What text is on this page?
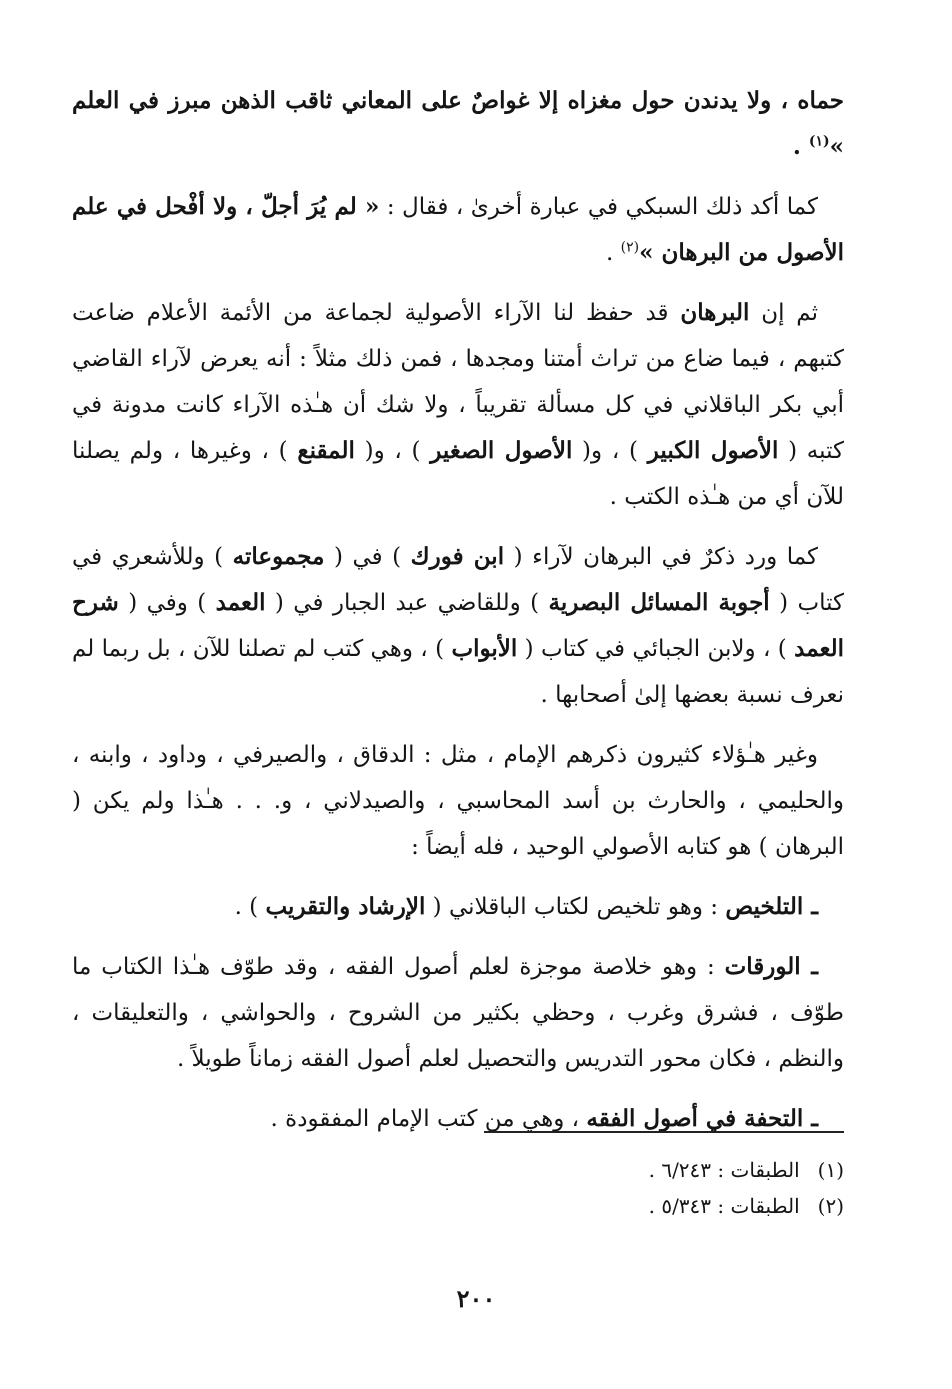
حماه ، ولا يدندن حول مغزاه إلا غواصٌ على المعاني ثاقب الذهن مبرز في العلم »$^{(١)}$ .

كما أكد ذلك السبكي في عبارة أخرىٰ ، فقال : « لم يُرَ أجلّ ، ولا أفْحل في علم الأصول من البرهان »$^{(٢)}$ .

ثم إن البرهان قد حفظ لنا الآراء الأصولية لجماعة من الأئمة الأعلام ضاعت كتبهم ، فيما ضاع من تراث أمتنا ومجدها ، فمن ذلك مثلاً : أنه يعرض لآراء القاضي أبي بكر الباقلاني في كل مسألة تقريباً ، ولا شك أن هـٰذه الآراء كانت مدونة في كتبه ( الأصول الكبير ) ، و( الأصول الصغير ) ، و( المقنع ) ، وغيرها ، ولم يصلنا للآن أي من هـٰذه الكتب .

كما ورد ذكرٌ في البرهان لآراء ( ابن فورك ) في ( مجموعاته ) وللأشعري في كتاب ( أجوبة المسائل البصرية ) وللقاضي عبد الجبار في ( العمد ) وفي ( شرح العمد ) ، ولابن الجبائي في كتاب ( الأبواب ) ، وهي كتب لم تصلنا للآن ، بل ربما لم نعرف نسبة بعضها إلىٰ أصحابها .

وغير هـٰؤلاء كثيرون ذكرهم الإمام ، مثل : الدقاق ، والصيرفي ، وداود ، وابنه ، والحليمي ، والحارث بن أسد المحاسبي ، والصيدلاني ، و. . . هـٰذا ولم يكن ( البرهان ) هو كتابه الأصولي الوحيد ، فله أيضاً :

ـ التلخيص : وهو تلخيص لكتاب الباقلاني ( الإرشاد والتقريب ) .

ـ الورقات : وهو خلاصة موجزة لعلم أصول الفقه ، وقد طوّف هـٰذا الكتاب ما طوّف ، فشرق وغرب ، وحظي بكثير من الشروح ، والحواشي ، والتعليقات ، والنظم ، فكان محور التدريس والتحصيل لعلم أصول الفقه زماناً طويلاً .

ـ التحفة في أصول الفقه ، وهي من كتب الإمام المفقودة .

(١) الطبقات : ٦/٢٤٣ .

(٢) الطبقات : ٥/٣٤٣ .

٢٠٠
